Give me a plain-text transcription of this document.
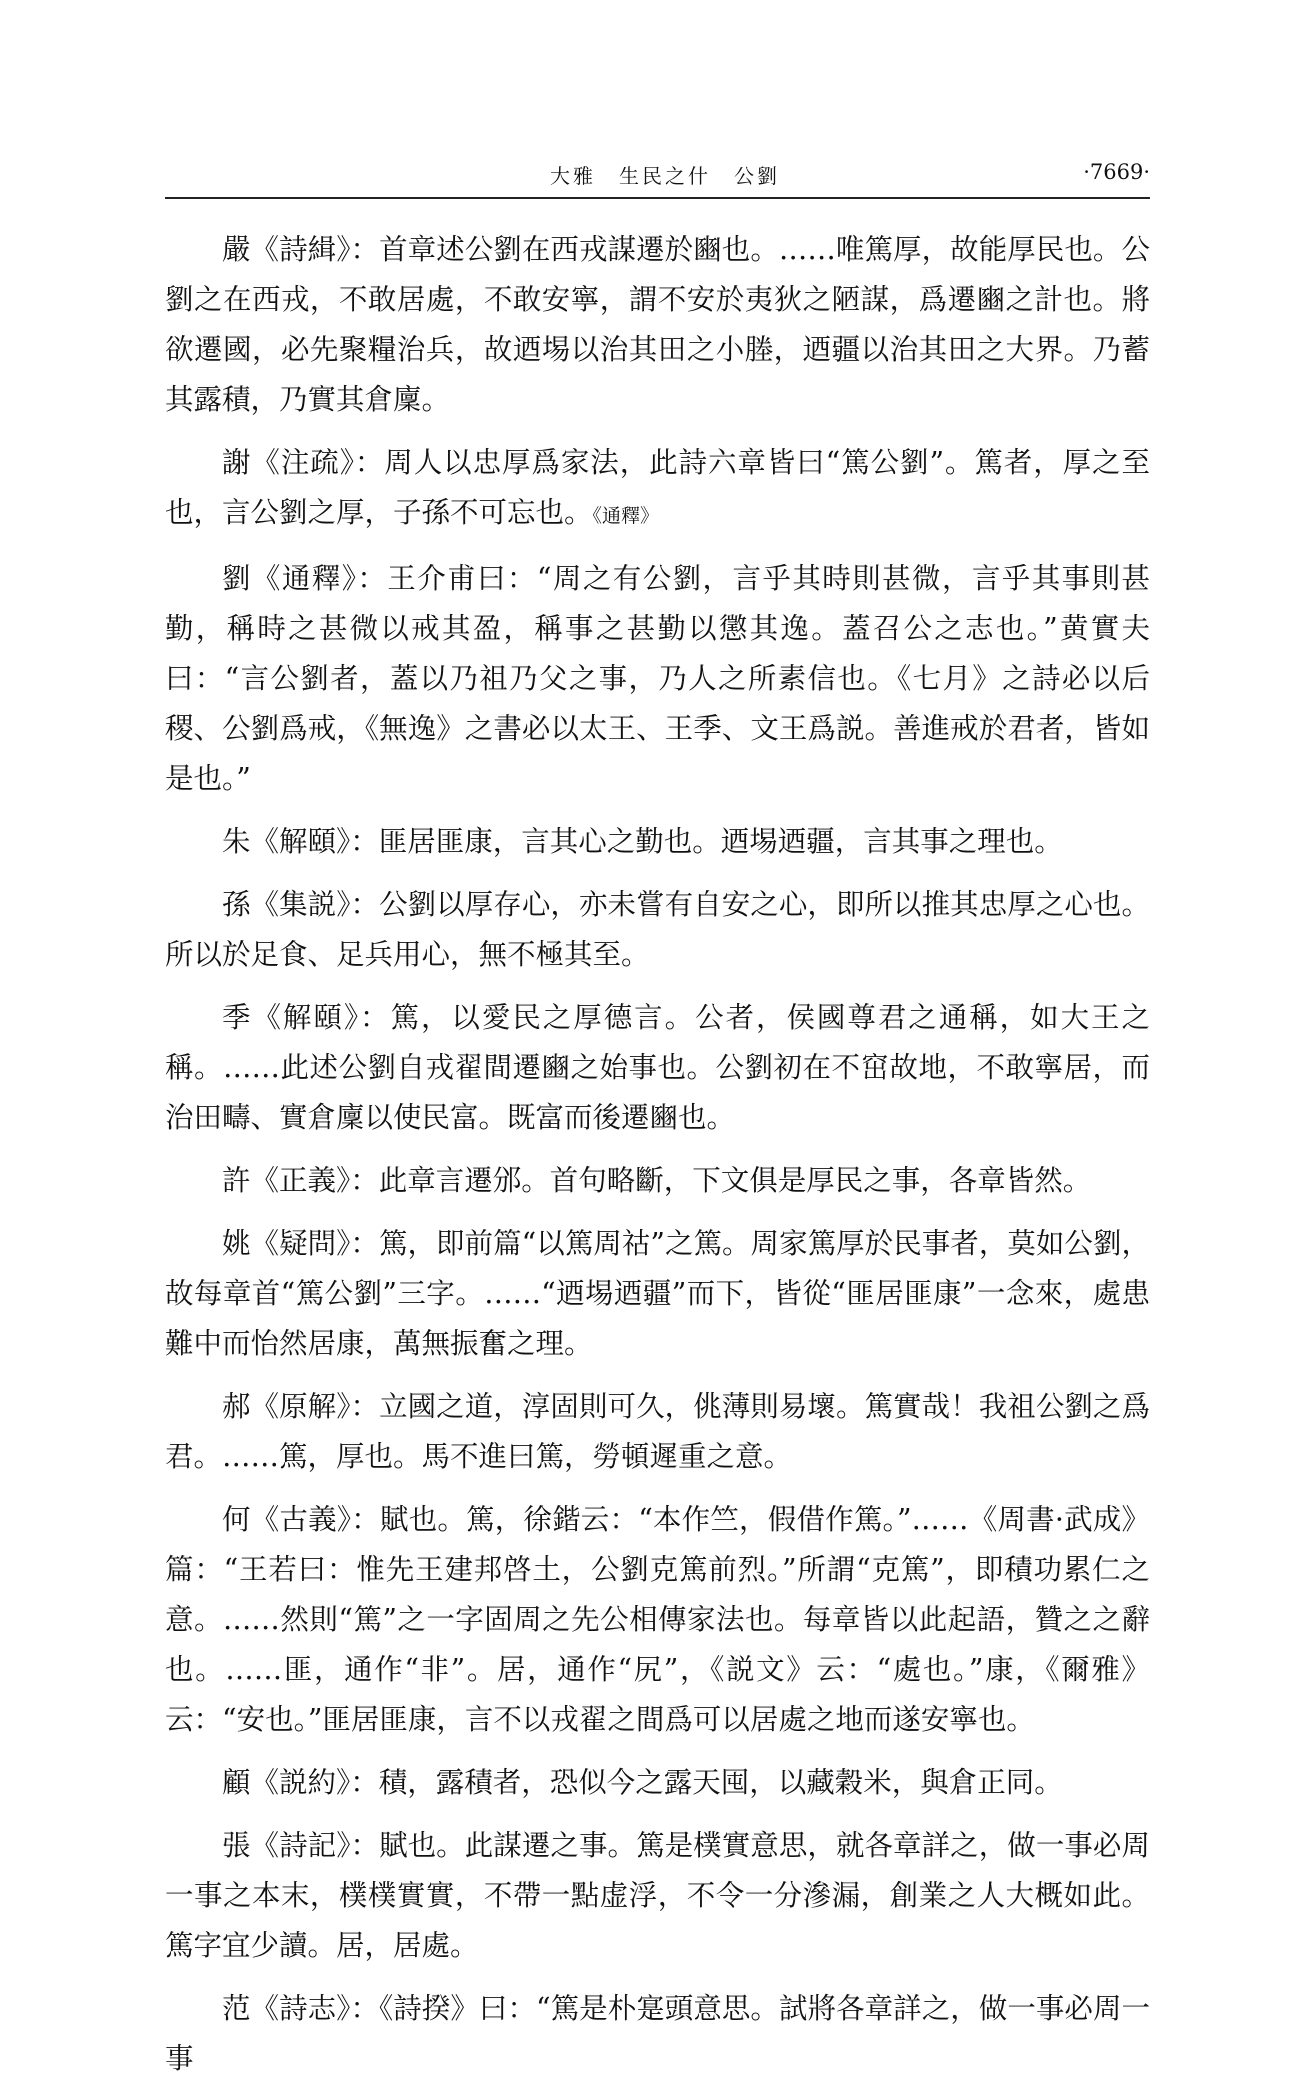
大雅　生民之什　公劉	·7669·

嚴《詩緝》：首章述公劉在西戎謀遷於豳也。……唯篤厚，故能厚民也。公劉之在西戎，不敢居處，不敢安寧，謂不安於夷狄之陋謀，爲遷豳之計也。將欲遷國，必先聚糧治兵，故迺埸以治其田之小塍，迺疆以治其田之大界。乃蓄其露積，乃實其倉廩。

謝《注疏》：周人以忠厚爲家法，此詩六章皆曰“篤公劉”。篤者，厚之至也，言公劉之厚，子孫不可忘也。《通釋》

劉《通釋》：王介甫曰：“周之有公劉，言乎其時則甚微，言乎其事則甚勤，稱時之甚微以戒其盈，稱事之甚勤以懲其逸。蓋召公之志也。”黄實夫曰：“言公劉者，蓋以乃祖乃父之事，乃人之所素信也。《七月》之詩必以后稷、公劉爲戒，《無逸》之書必以太王、王季、文王爲説。善進戒於君者，皆如是也。”

朱《解頤》：匪居匪康，言其心之勤也。迺埸迺疆，言其事之理也。

孫《集説》：公劉以厚存心，亦未嘗有自安之心，即所以推其忠厚之心也。所以於足食、足兵用心，無不極其至。

季《解頤》：篤，以愛民之厚德言。公者，侯國尊君之通稱，如大王之稱。……此述公劉自戎翟間遷豳之始事也。公劉初在不窋故地，不敢寧居，而治田疇、實倉廩以使民富。既富而後遷豳也。

許《正義》：此章言遷邠。首句略斷，下文俱是厚民之事，各章皆然。

姚《疑問》：篤，即前篇“以篤周祜”之篤。周家篤厚於民事者，莫如公劉，故每章首“篤公劉”三字。……“迺埸迺疆”而下，皆從“匪居匪康”一念來，處患難中而怡然居康，萬無振奮之理。

郝《原解》：立國之道，淳固則可久，佻薄則易壞。篤實哉！我祖公劉之爲君。……篤，厚也。馬不進曰篤，勞頓遲重之意。

何《古義》：賦也。篤，徐鍇云：“本作竺，假借作篤。”……《周書·武成》篇：“王若曰：惟先王建邦啓土，公劉克篤前烈。”所謂“克篤”，即積功累仁之意。……然則“篤”之一字固周之先公相傳家法也。每章皆以此起語，贊之之辭也。……匪，通作“非”。居，通作“尻”，《説文》云：“處也。”康，《爾雅》云：“安也。”匪居匪康，言不以戎翟之間爲可以居處之地而遂安寧也。

顧《説約》：積，露積者，恐似今之露天囤，以藏穀米，與倉正同。

張《詩記》：賦也。此謀遷之事。篤是樸實意思，就各章詳之，做一事必周一事之本末，樸樸實實，不帶一點虚浮，不令一分滲漏，創業之人大概如此。篤字宜少讀。居，居處。

范《詩志》：《詩揆》曰：“篤是朴寔頭意思。試將各章詳之，做一事必周一事
